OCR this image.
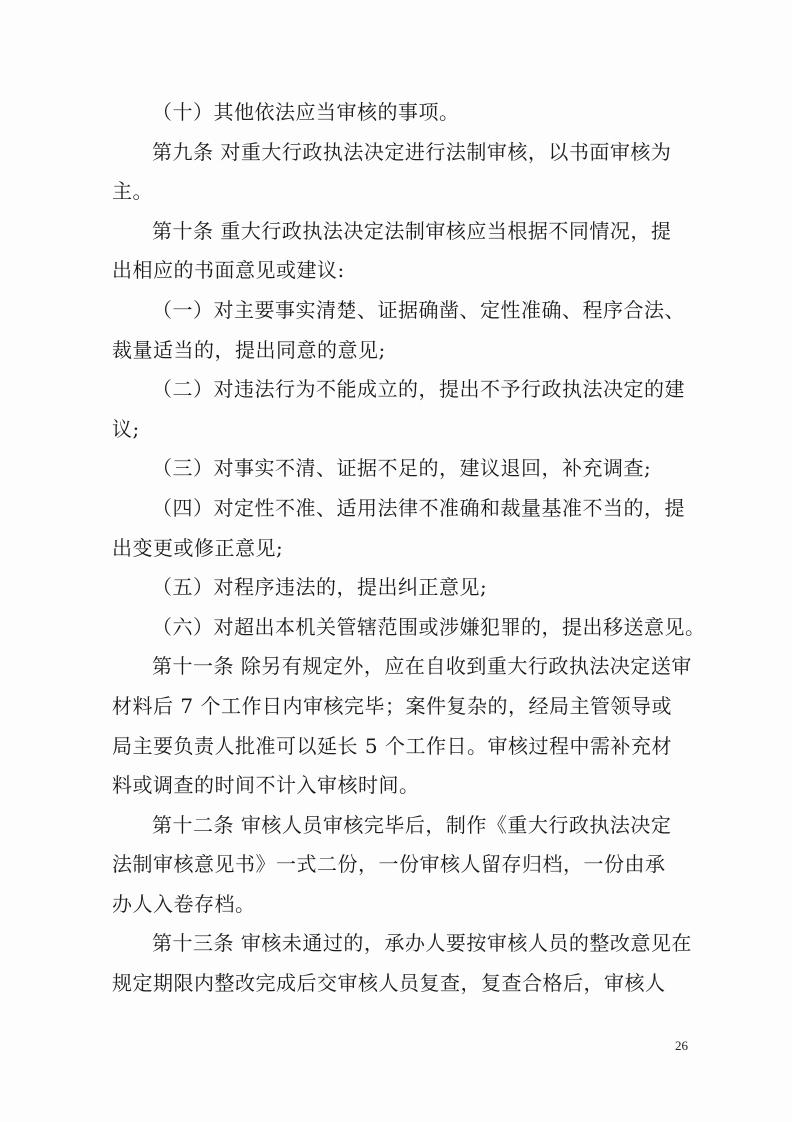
（十）其他依法应当审核的事项。
第九条 对重大行政执法决定进行法制审核，以书面审核为
主。
第十条 重大行政执法决定法制审核应当根据不同情况，提
出相应的书面意见或建议:
（一）对主要事实清楚、证据确凿、定性准确、程序合法、
裁量适当的，提出同意的意见;
（二）对违法行为不能成立的，提出不予行政执法决定的建
议;
（三）对事实不清、证据不足的，建议退回，补充调查;
（四）对定性不准、适用法律不准确和裁量基准不当的，提
出变更或修正意见;
（五）对程序违法的，提出纠正意见;
（六）对超出本机关管辖范围或涉嫌犯罪的，提出移送意见。
第十一条 除另有规定外，应在自收到重大行政执法决定送审
材料后 7 个工作日内审核完毕；案件复杂的，经局主管领导或
局主要负责人批准可以延长 5 个工作日。审核过程中需补充材
料或调查的时间不计入审核时间。
第十二条 审核人员审核完毕后，制作《重大行政执法决定
法制审核意见书》一式二份，一份审核人留存归档，一份由承
办人入卷存档。
第十三条 审核未通过的，承办人要按审核人员的整改意见在
规定期限内整改完成后交审核人员复查，复查合格后，审核人
26
